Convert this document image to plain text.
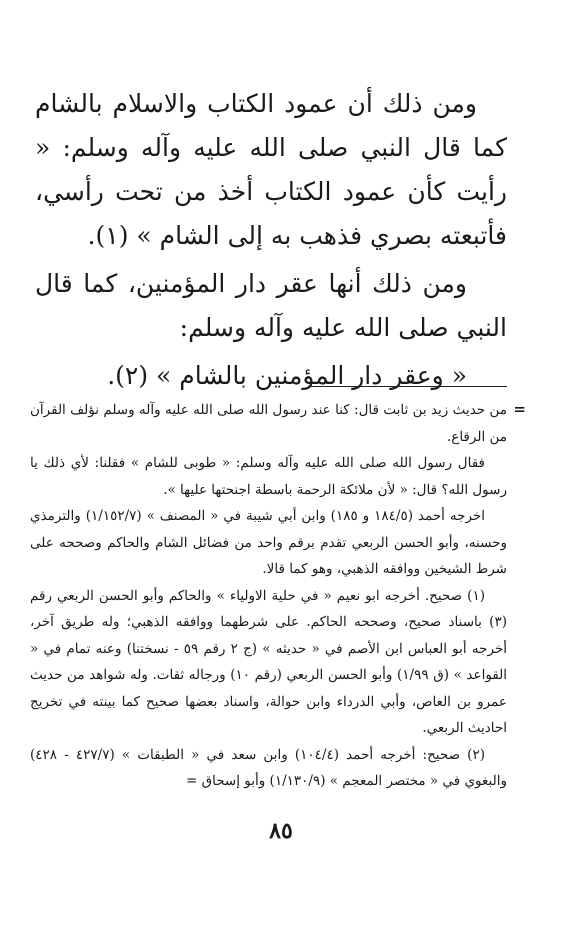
ومن ذلك أن عمود الكتاب والاسلام بالشام كما قال النبي صلى الله عليه وآله وسلم: « رأيت كأن عمود الكتاب أخذ من تحت رأسي، فأتبعته بصري فذهب به إلى الشام » (١).

ومن ذلك أنها عقر دار المؤمنين، كما قال النبي صلى الله عليه وآله وسلم:

« وعقر دار المؤمنين بالشام » (٢).

=

من حديث زيد بن ثابت قال: كنا عند رسول الله صلى الله عليه وآله وسلم نؤلف القرآن من الرقاع.

فقال رسول الله صلى الله عليه وآله وسلم: « طوبى للشام » فقلنا: لأي ذلك يا رسول الله؟ قال: « لأن ملائكة الرحمة باسطة اجنحتها عليها ».

اخرجه أحمد (١٨٤/٥ و ١٨٥) وابن أبي شيبة في « المصنف » (١/١٥٢/٧) والترمذي وحسنه، وأبو الحسن الربعي تقدم برقم واحد من فضائل الشام والحاكم وصححه على شرط الشيخين ووافقه الذهبي، وهو كما قالا.

(١) صحيح. أخرجه ابو نعيم « في حلية الاولياء » والحاكم وأبو الحسن الربعي رقم (٣) باسناد صحيح، وصححه الحاكم. على شرطهما ووافقه الذهبي؛ وله طريق آخر، أخرجه أبو العباس ابن الأصم في « حديثه » (ج ٢ رقم ٥٩ - نسختنا) وعنه تمام في « القواعد » (ق ١/٩٩) وأبو الحسن الربعي (رقم ١٠) ورجاله ثقات. وله شواهد من حديث عمرو بن العاص، وأبي الدرداء وابن حوالة، واسناد بعضها صحيح كما بينته في تخريج احاديث الربعي.

(٢) صحيح: أخرجه أحمد (١٠٤/٤) وابن سعد في « الطبقات » (٤٢٧/٧ - ٤٢٨) والبغوي في « مختصر المعجم » (١/١٣٠/٩) وأبو إسحاق =

٨٥
